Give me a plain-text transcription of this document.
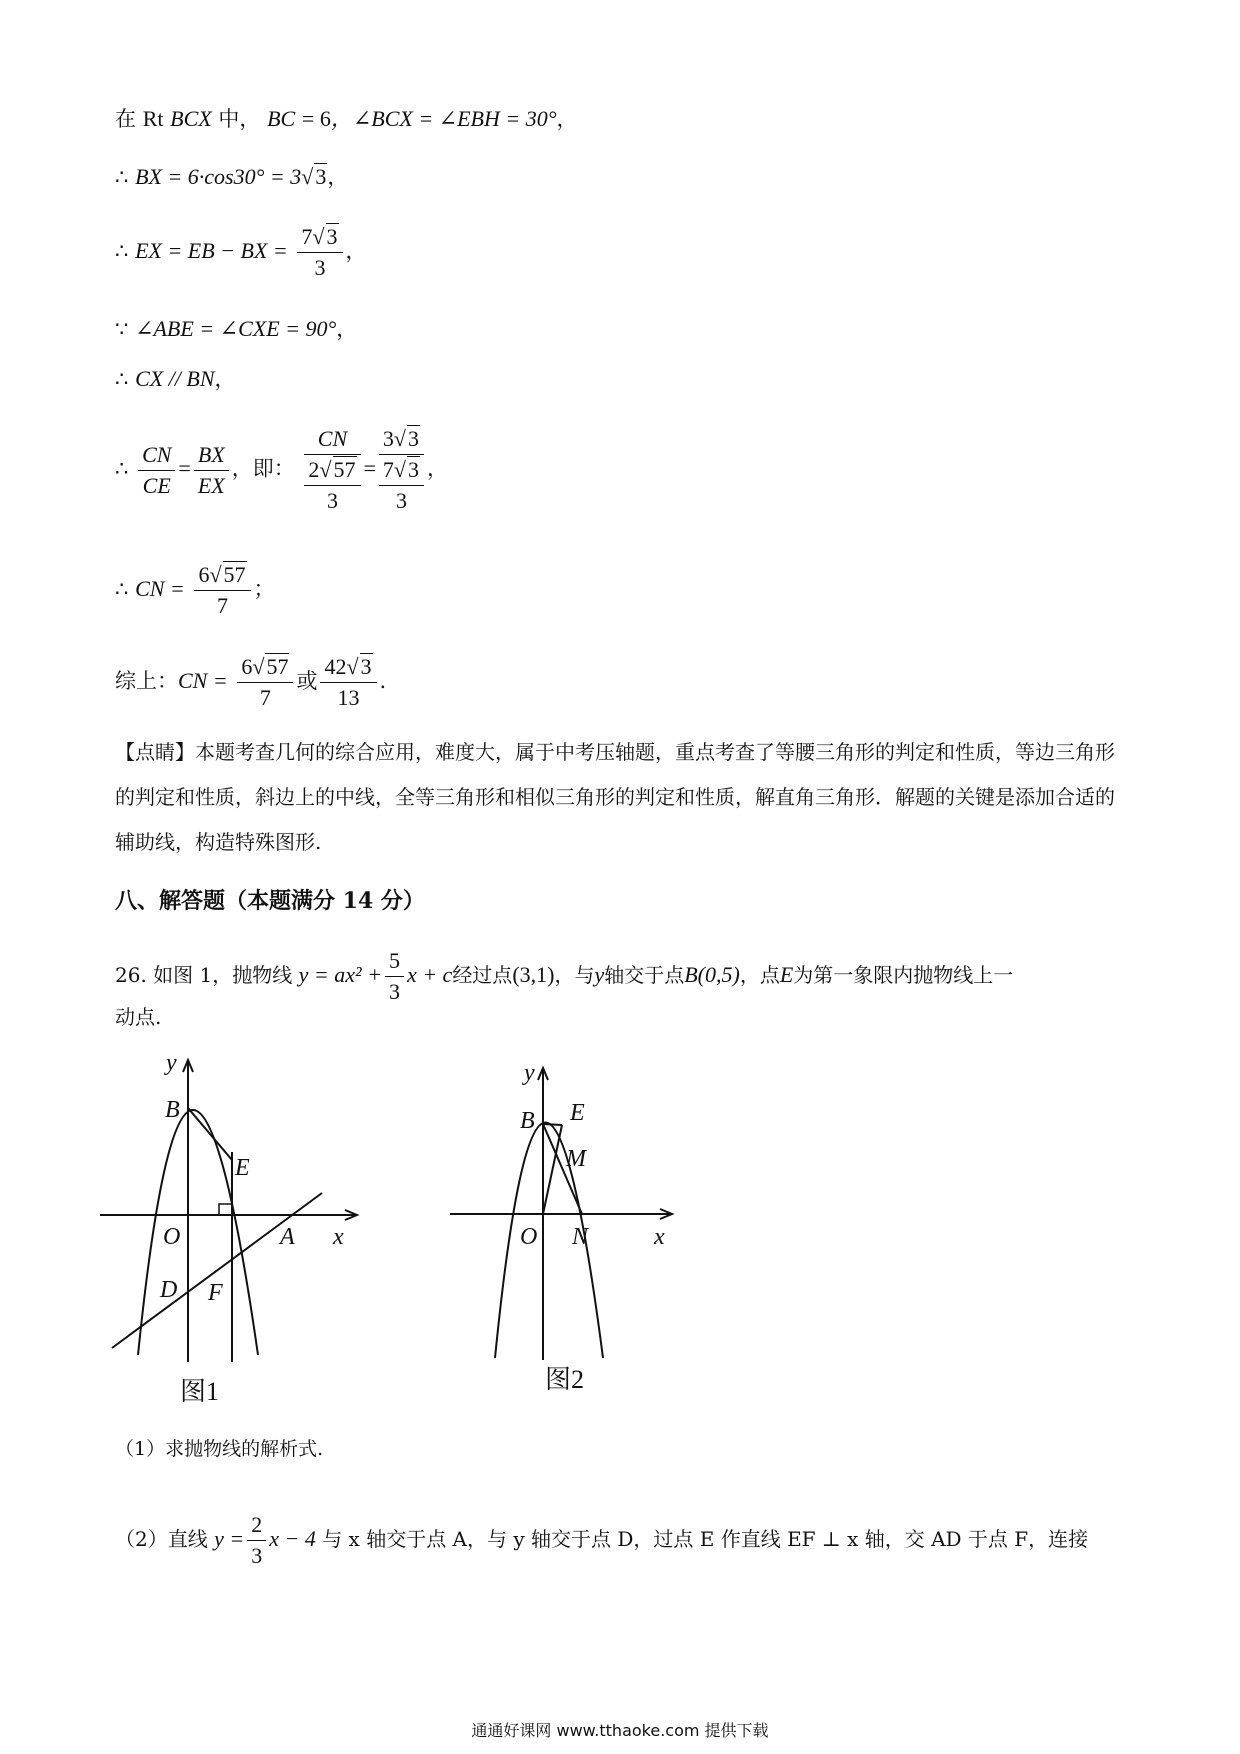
在 Rt BCX 中， BC = 6，∠BCX = ∠EBH = 30°，
∴ BX = 6·cos30° = 3√3，
∴ EX = EB − BX = $\frac{7√3}{3}$ ，
∵ ∠ABE = ∠CXE = 90°，
∴ CX // BN，
∴ $\frac{CN}{CE} = \frac{BX}{EX}$ ，即： CN
2√57
3 = 3√3
7√3
3 ，
∴ CN = $\frac{6√57}{7}$ ；
综上：CN = $\frac{6√57}{7}$ 或 $\frac{42√3}{13}$ .
【点睛】本题考查几何的综合应用，难度大，属于中考压轴题，重点考查了等腰三角形的判定和性质，等边三角形的判定和性质，斜边上的中线，全等三角形和相似三角形的判定和性质，解直角三角形．解题的关键是添加合适的辅助线，构造特殊图形.
八、解答题（本题满分 14 分）
26. 如图 1，抛物线 $y = ax^2 + \frac{5}{3}$ x + c经过点(3,1)，与y轴交于点B(0,5)，点E为第一象限内抛物线上一
动点.
y
x
O
B
E
A
D F
图1
y
x
O
B E
M
N
图2
（1）求抛物线的解析式.
（2）直线 $y = \frac{2}{3}$ x − 4 与 x 轴交于点 A，与 y 轴交于点 D，过点 E 作直线 EF ⊥ x 轴，交 AD 于点 F，连接
通通好课网 www.tthaoke.com 提供下载
